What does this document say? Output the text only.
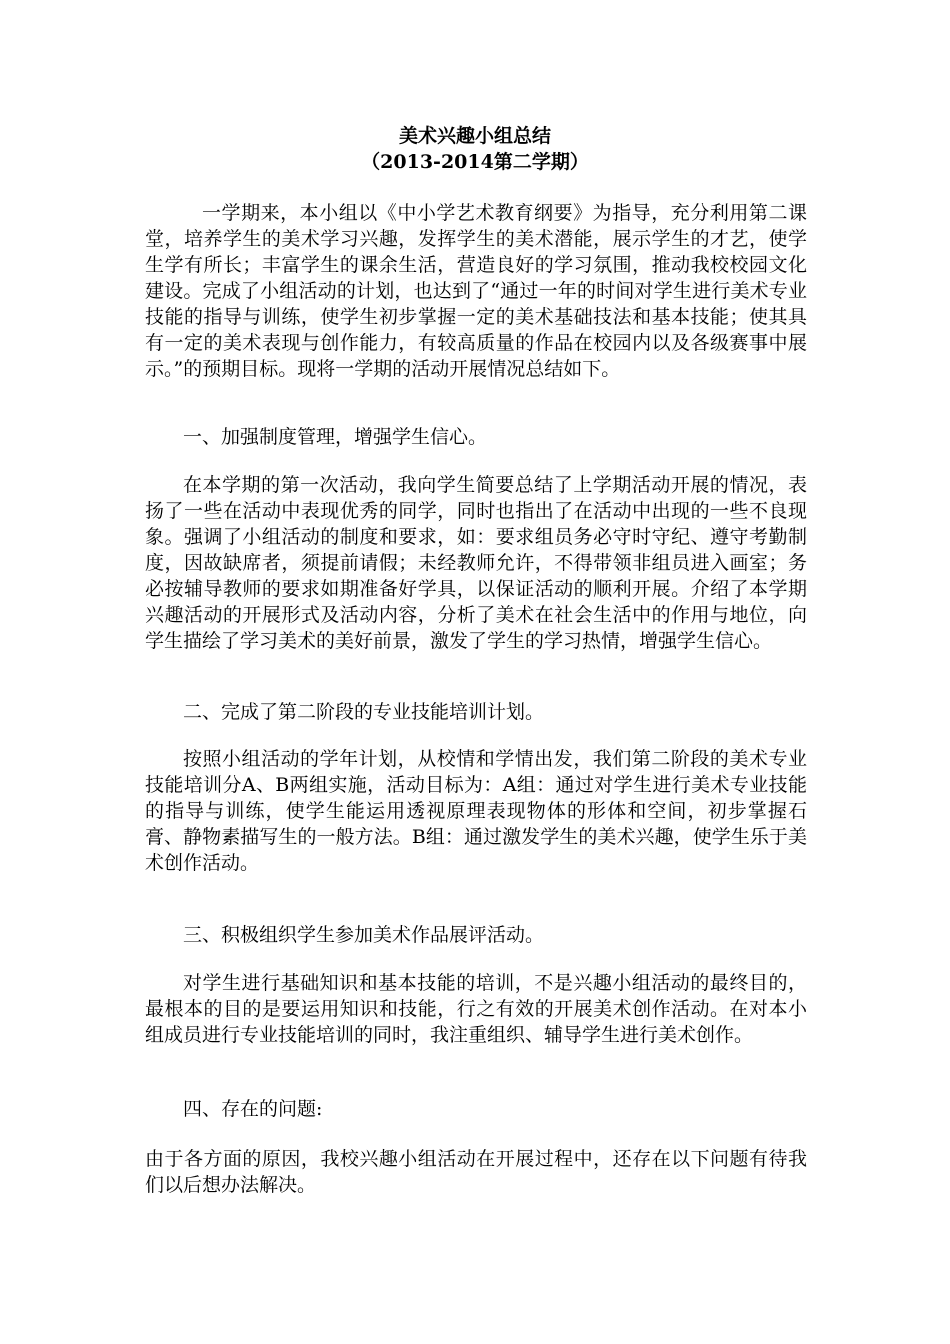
美术兴趣小组总结
（2013-2014第二学期）

一学期来，本小组以《中小学艺术教育纲要》为指导，充分利用第二课堂，培养学生的美术学习兴趣，发挥学生的美术潜能，展示学生的才艺，使学生学有所长；丰富学生的课余生活，营造良好的学习氛围，推动我校校园文化建设。完成了小组活动的计划，也达到了“通过一年的时间对学生进行美术专业技能的指导与训练，使学生初步掌握一定的美术基础技法和基本技能；使其具有一定的美术表现与创作能力，有较高质量的作品在校园内以及各级赛事中展示。”的预期目标。现将一学期的活动开展情况总结如下。

一、加强制度管理，增强学生信心。

在本学期的第一次活动，我向学生简要总结了上学期活动开展的情况，表扬了一些在活动中表现优秀的同学，同时也指出了在活动中出现的一些不良现象。强调了小组活动的制度和要求，如：要求组员务必守时守纪、遵守考勤制度，因故缺席者，须提前请假；未经教师允许，不得带领非组员进入画室；务必按辅导教师的要求如期准备好学具，以保证活动的顺利开展。介绍了本学期兴趣活动的开展形式及活动内容，分析了美术在社会生活中的作用与地位，向学生描绘了学习美术的美好前景，激发了学生的学习热情，增强学生信心。

二、完成了第二阶段的专业技能培训计划。

按照小组活动的学年计划，从校情和学情出发，我们第二阶段的美术专业技能培训分A、B两组实施，活动目标为：A组：通过对学生进行美术专业技能的指导与训练，使学生能运用透视原理表现物体的形体和空间，初步掌握石膏、静物素描写生的一般方法。B组：通过激发学生的美术兴趣，使学生乐于美术创作活动。

三、积极组织学生参加美术作品展评活动。

对学生进行基础知识和基本技能的培训，不是兴趣小组活动的最终目的，最根本的目的是要运用知识和技能，行之有效的开展美术创作活动。在对本小组成员进行专业技能培训的同时，我注重组织、辅导学生进行美术创作。

四、存在的问题:

由于各方面的原因，我校兴趣小组活动在开展过程中，还存在以下问题有待我们以后想办法解决。
